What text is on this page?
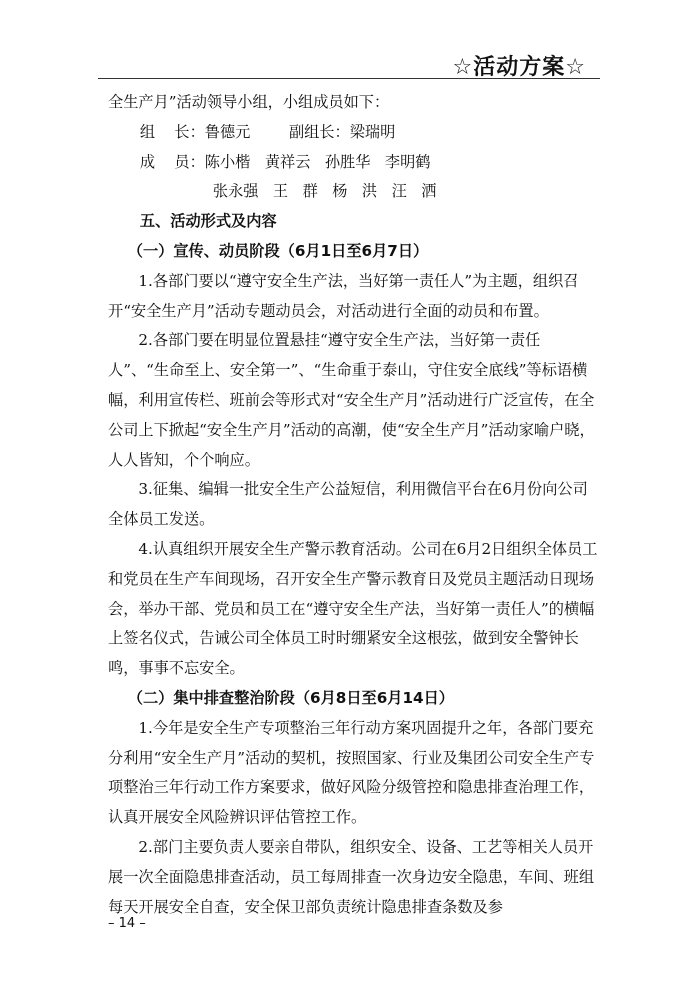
☆活动方案☆

全生产月”活动领导小组，小组成员如下：

组    长：鲁德元        副组长：梁瑞明

成    员：陈小楷   黄祥云   孙胜华   李明鹤

张永强   王   群   杨   洪   汪   洒

五、活动形式及内容

（一）宣传、动员阶段（6月1日至6月7日）

1.各部门要以“遵守安全生产法，当好第一责任人”为主题，组织召开“安全生产月”活动专题动员会，对活动进行全面的动员和布置。

2.各部门要在明显位置悬挂“遵守安全生产法，当好第一责任人”、“生命至上、安全第一”、“生命重于泰山，守住安全底线”等标语横幅，利用宣传栏、班前会等形式对“安全生产月”活动进行广泛宣传，在全公司上下掀起“安全生产月”活动的高潮，使“安全生产月”活动家喻户晓，人人皆知，个个响应。

3.征集、编辑一批安全生产公益短信，利用微信平台在6月份向公司全体员工发送。

4.认真组织开展安全生产警示教育活动。公司在6月2日组织全体员工和党员在生产车间现场，召开安全生产警示教育日及党员主题活动日现场会，举办干部、党员和员工在“遵守安全生产法，当好第一责任人”的横幅上签名仪式，告诫公司全体员工时时绷紧安全这根弦，做到安全警钟长鸣，事事不忘安全。

（二）集中排查整治阶段（6月8日至6月14日）

1.今年是安全生产专项整治三年行动方案巩固提升之年，各部门要充分利用“安全生产月”活动的契机，按照国家、行业及集团公司安全生产专项整治三年行动工作方案要求，做好风险分级管控和隐患排查治理工作，认真开展安全风险辨识评估管控工作。

2.部门主要负责人要亲自带队，组织安全、设备、工艺等相关人员开展一次全面隐患排查活动，员工每周排查一次身边安全隐患，车间、班组每天开展安全自查，安全保卫部负责统计隐患排查条数及参

– 14 –
